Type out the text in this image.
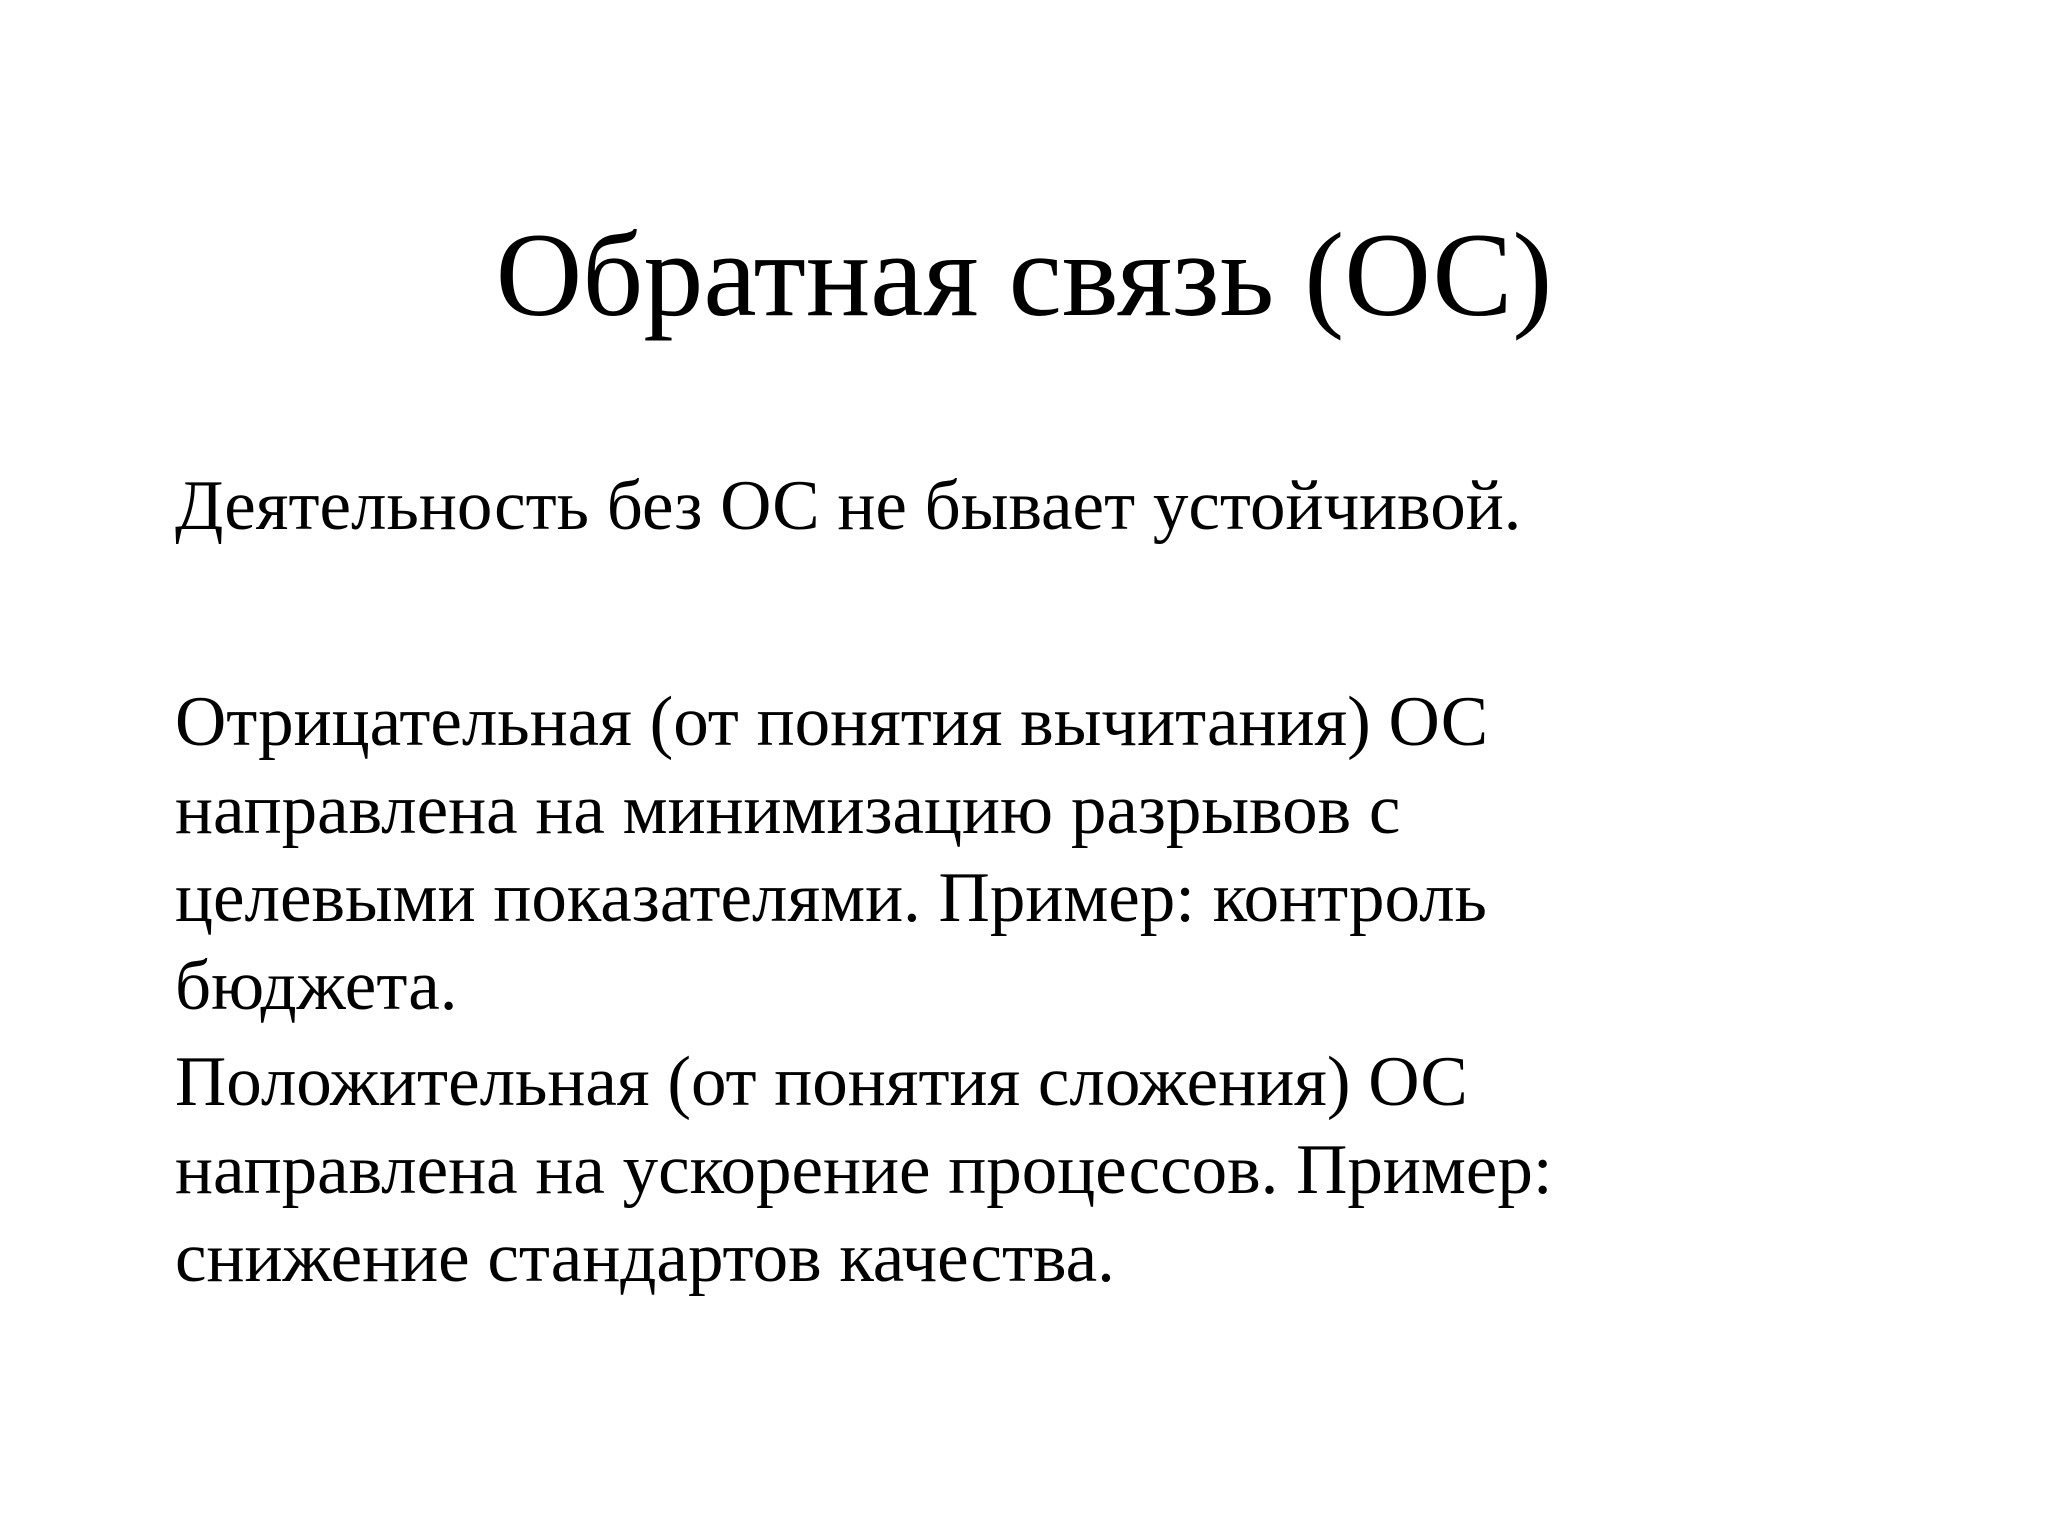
Обратная связь (ОС)

Деятельность без ОС не бывает устойчивой.

Отрицательная (от понятия вычитания) ОС
направлена на минимизацию разрывов с
целевыми показателями. Пример: контроль
бюджета.

Положительная (от понятия сложения) ОС
направлена на ускорение процессов. Пример:
снижение стандартов качества.
